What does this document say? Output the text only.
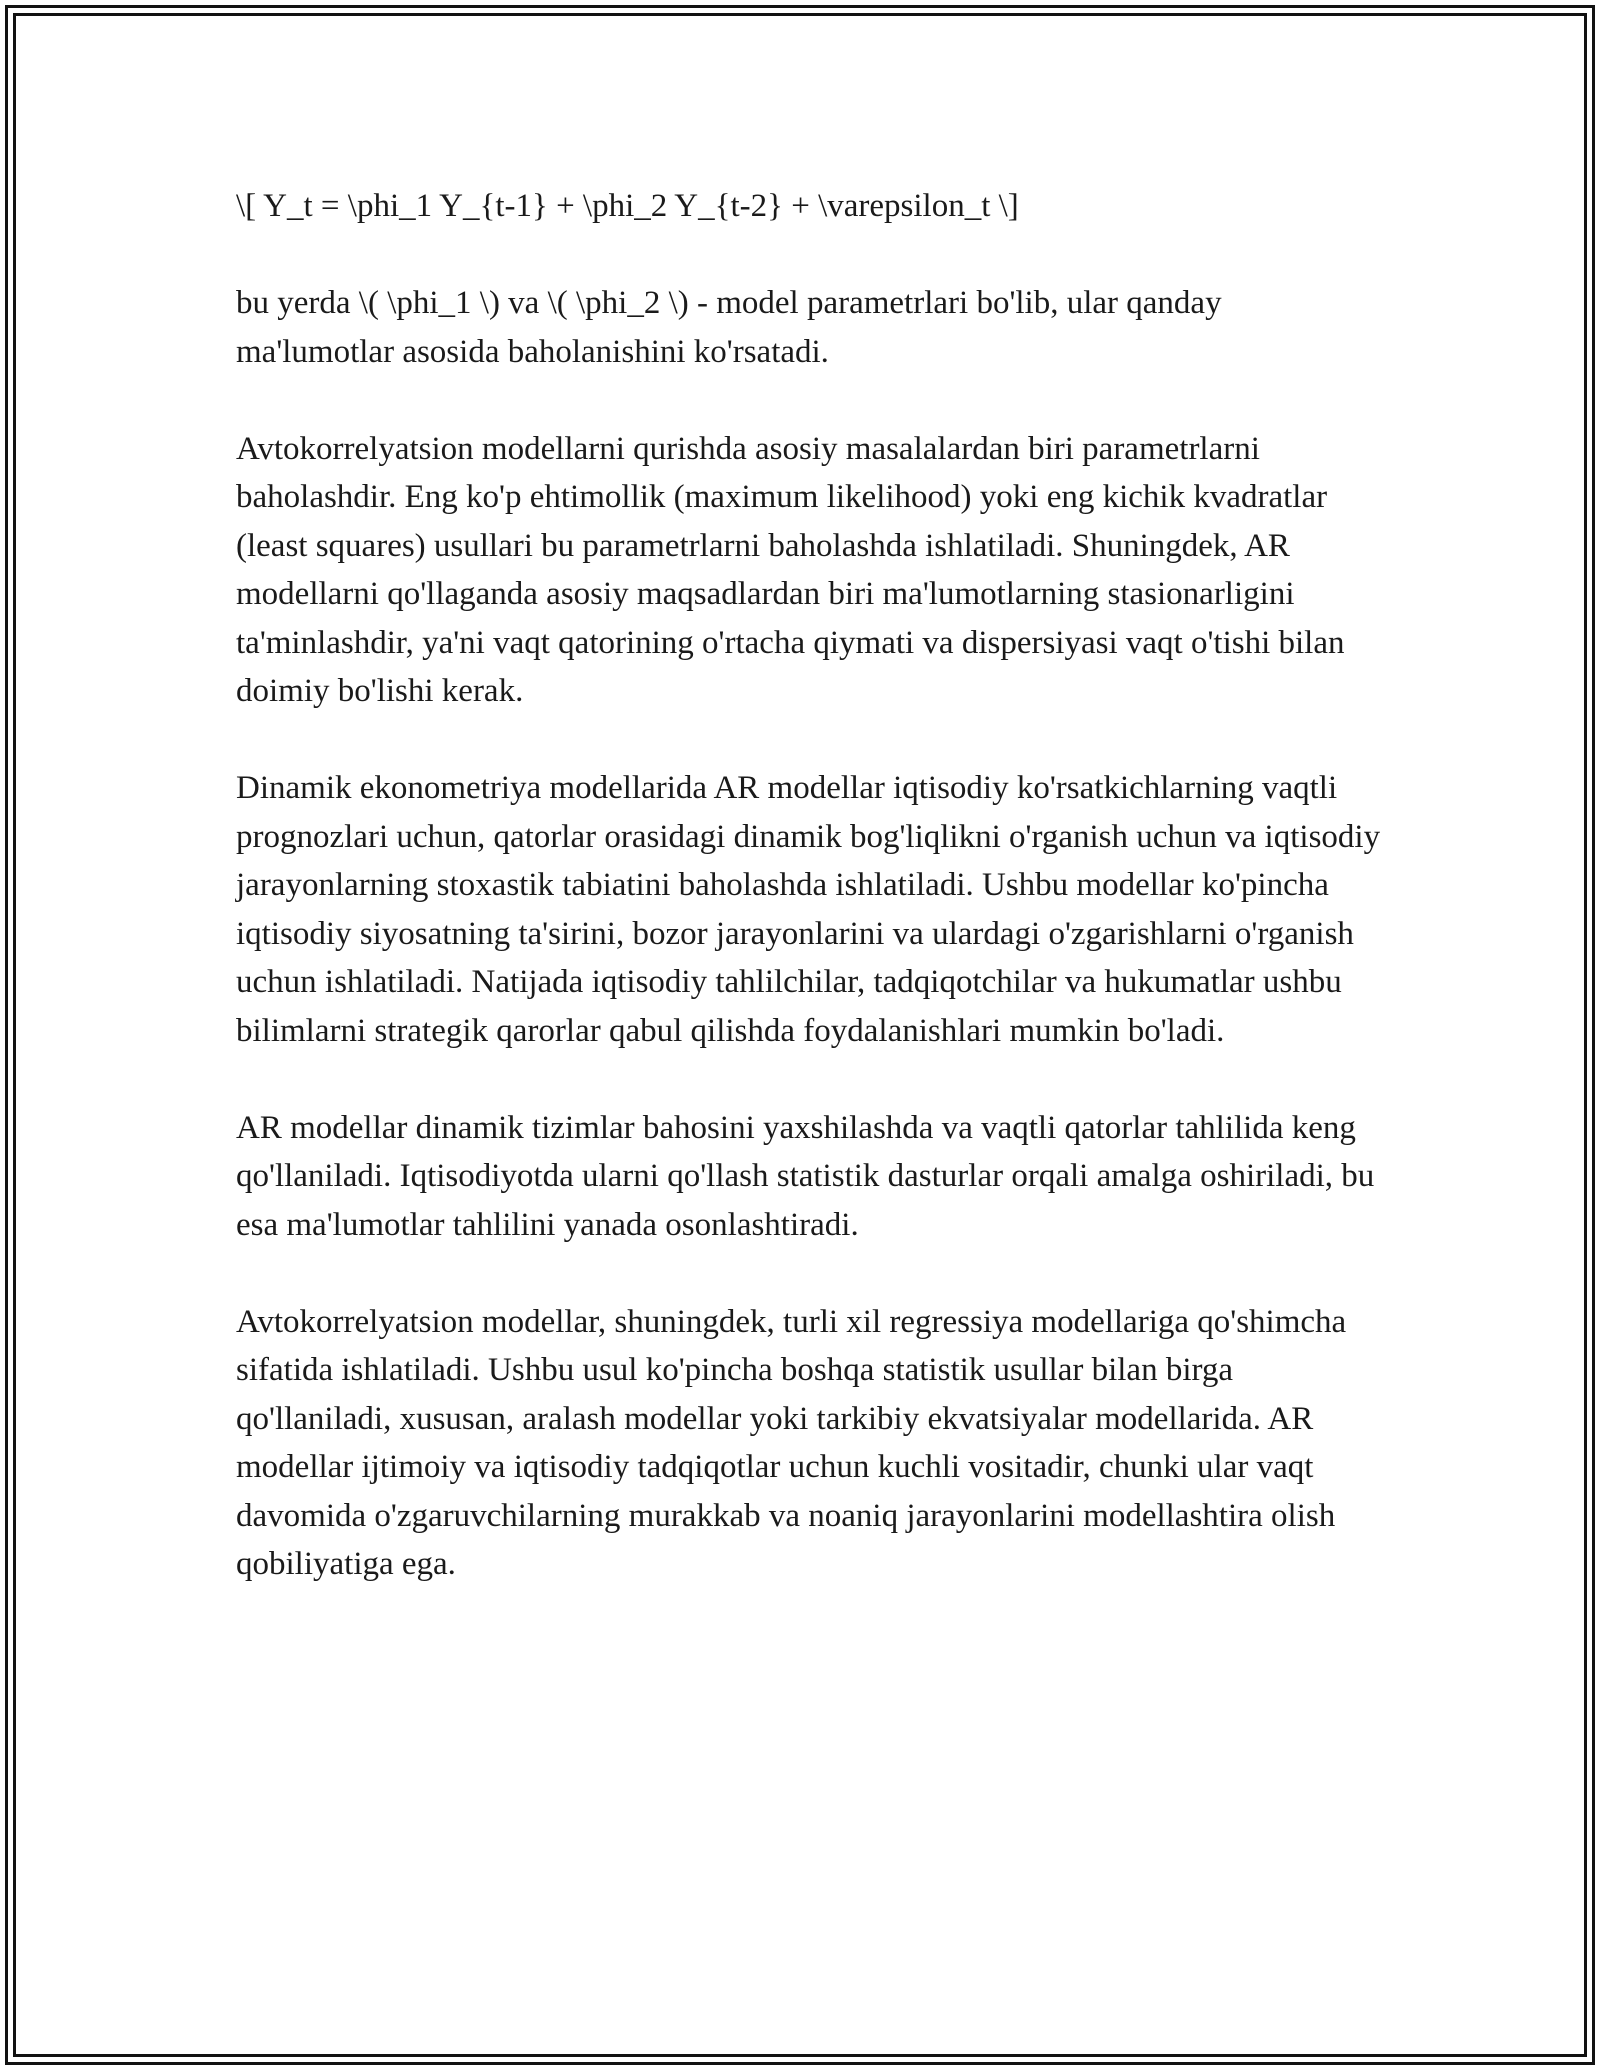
\[ Y_t = \phi_1 Y_{t-1} + \phi_2 Y_{t-2} + \varepsilon_t \]

bu yerda \( \phi_1 \) va \( \phi_2 \) - model parametrlari bo'lib, ular qanday ma'lumotlar asosida baholanishini ko'rsatadi.

Avtokorrelyatsion modellarni qurishda asosiy masalalardan biri parametrlarni baholashdir. Eng ko'p ehtimollik (maximum likelihood) yoki eng kichik kvadratlar (least squares) usullari bu parametrlarni baholashda ishlatiladi. Shuningdek, AR modellarni qo'llaganda asosiy maqsadlardan biri ma'lumotlarning stasionarligini ta'minlashdir, ya'ni vaqt qatorining o'rtacha qiymati va dispersiyasi vaqt o'tishi bilan doimiy bo'lishi kerak.

Dinamik ekonometriya modellarida AR modellar iqtisodiy ko'rsatkichlarning vaqtli prognozlari uchun, qatorlar orasidagi dinamik bog'liqlikni o'rganish uchun va iqtisodiy jarayonlarning stoxastik tabiatini baholashda ishlatiladi. Ushbu modellar ko'pincha iqtisodiy siyosatning ta'sirini, bozor jarayonlarini va ulardagi o'zgarishlarni o'rganish uchun ishlatiladi. Natijada iqtisodiy tahlilchilar, tadqiqotchilar va hukumatlar ushbu bilimlarni strategik qarorlar qabul qilishda foydalanishlari mumkin bo'ladi.

AR modellar dinamik tizimlar bahosini yaxshilashda va vaqtli qatorlar tahlilida keng qo'llaniladi. Iqtisodiyotda ularni qo'llash statistik dasturlar orqali amalga oshiriladi, bu esa ma'lumotlar tahlilini yanada osonlashtiradi.

Avtokorrelyatsion modellar, shuningdek, turli xil regressiya modellariga qo'shimcha sifatida ishlatiladi. Ushbu usul ko'pincha boshqa statistik usullar bilan birga qo'llaniladi, xususan, aralash modellar yoki tarkibiy ekvatsiyalar modellarida. AR modellar ijtimoiy va iqtisodiy tadqiqotlar uchun kuchli vositadir, chunki ular vaqt davomida o'zgaruvchilarning murakkab va noaniq jarayonlarini modellashtira olish qobiliyatiga ega.
